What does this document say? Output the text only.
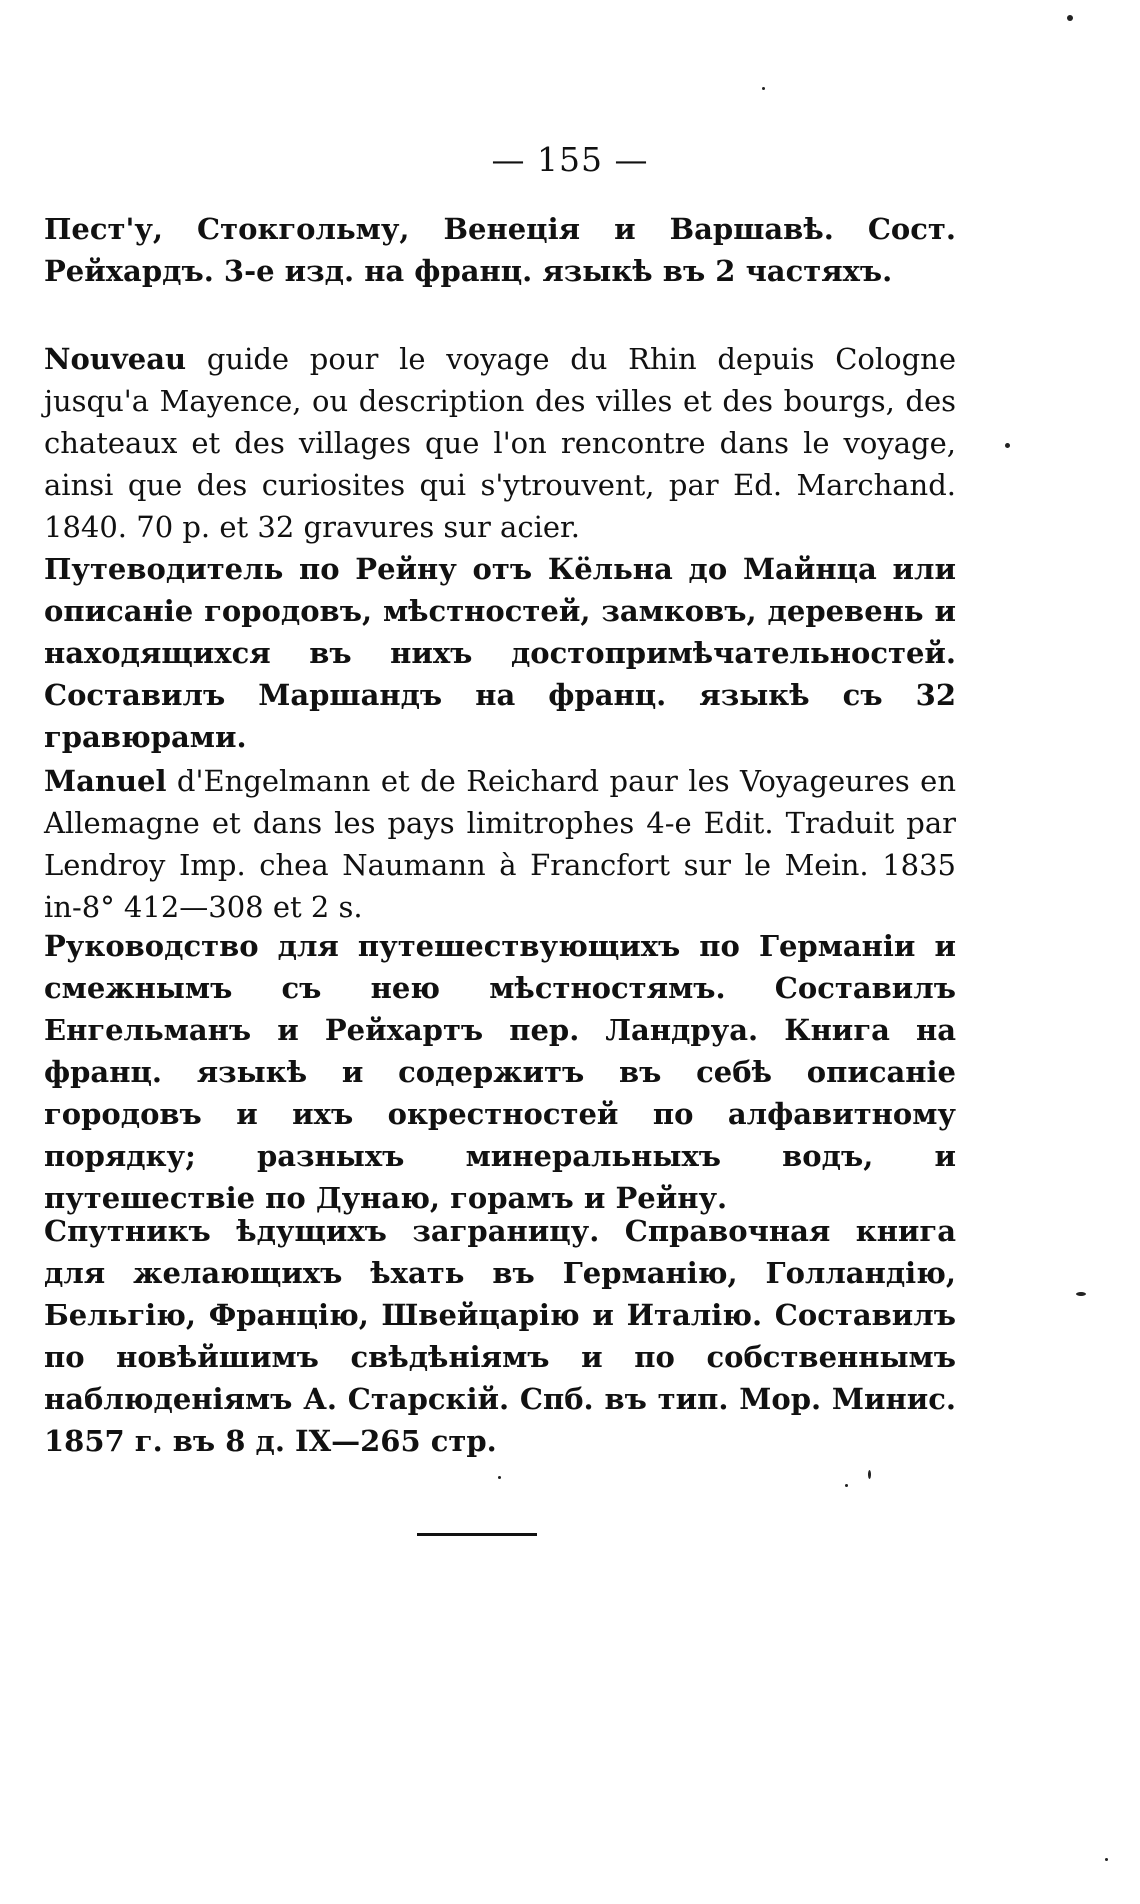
— 155 —

Пест'у, Стокгольму, Венеція и Варшавѣ. Сост. Рейхардъ. 3-е изд. на франц. языкѣ въ 2 частяхъ.

Nouveau guide pour le voyage du Rhin depuis Cologne jusqu'a Mayence, ou description des villes et des bourgs, des chateaux et des villages que l'on rencontre dans le voyage, ainsi que des curiosites qui s'ytrouvent, par Ed. Marchand. 1840. 70 p. et 32 gravures sur acier.

Путеводитель по Рейну отъ Кёльна до Майнца или описаніе городовъ, мѣстностей, замковъ, деревень и находящихся въ нихъ достопримѣчательностей. Составилъ Маршандъ на франц. языкѣ съ 32 гравюрами.

Manuel d'Engelmann et de Reichard paur les Voyageures en Allemagne et dans les pays limitrophes 4-e Edit. Traduit par Lendroy Imp. chea Naumann à Francfort sur le Mein. 1835 in-8° 412—308 et 2 s.

Руководство для путешествующихъ по Германіи и смежнымъ съ нею мѣстностямъ. Составилъ Енгельманъ и Рейхартъ пер. Ландруа. Книга на франц. языкѣ и содержитъ въ себѣ описаніе городовъ и ихъ окрестностей по алфавитному порядку; разныхъ минеральныхъ водъ, и путешествіе по Дунаю, горамъ и Рейну.

Спутникъ ѣдущихъ заграницу. Справочная книга для желающихъ ѣхать въ Германію, Голландію, Бельгію, Францію, Швейцарію и Италію. Составилъ по новѣйшимъ свѣдѣніямъ и по собственнымъ наблюденіямъ А. Старскій. Спб. въ тип. Мор. Минис. 1857 г. въ 8 д. IX—265 стр.
